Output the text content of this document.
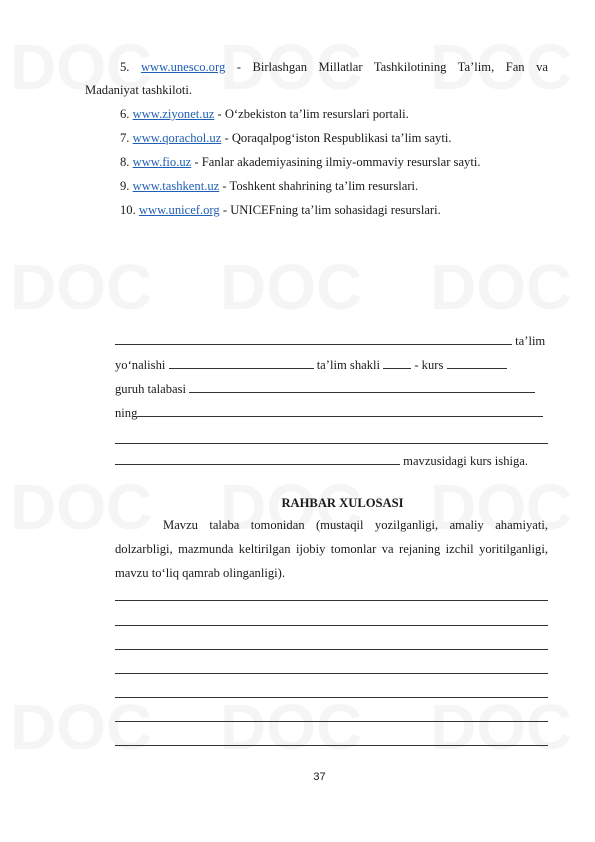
5. www.unesco.org - Birlashgan Millatlar Tashkilotining Ta’lim, Fan va
Madaniyat tashkiloti.
6. www.ziyonet.uz - O‘zbekiston ta’lim resurslari portali.
7. www.qorachol.uz - Qoraqalpog‘iston Respublikasi ta’lim sayti.
8. www.fio.uz - Fanlar akademiyasining ilmiy-ommaviy resurslar sayti.
9. www.tashkent.uz - Toshkent shahrining ta’lim resurslari.
10. www.unicef.org - UNICEFning ta’lim sohasidagi resurslari.
ta’lim
yo‘nalishi	ta’lim shakli	- kurs
guruh talabasi
ning
mavzusidagi kurs ishiga.
RAHBAR XULOSASI
Mavzu talaba tomonidan (mustaqil yozilganligi, amaliy ahamiyati, dolzarbligi, mazmunda keltirilgan ijobiy tomonlar va rejaning izchil yoritilganligi, mavzu to‘liq qamrab olinganligi).
37
